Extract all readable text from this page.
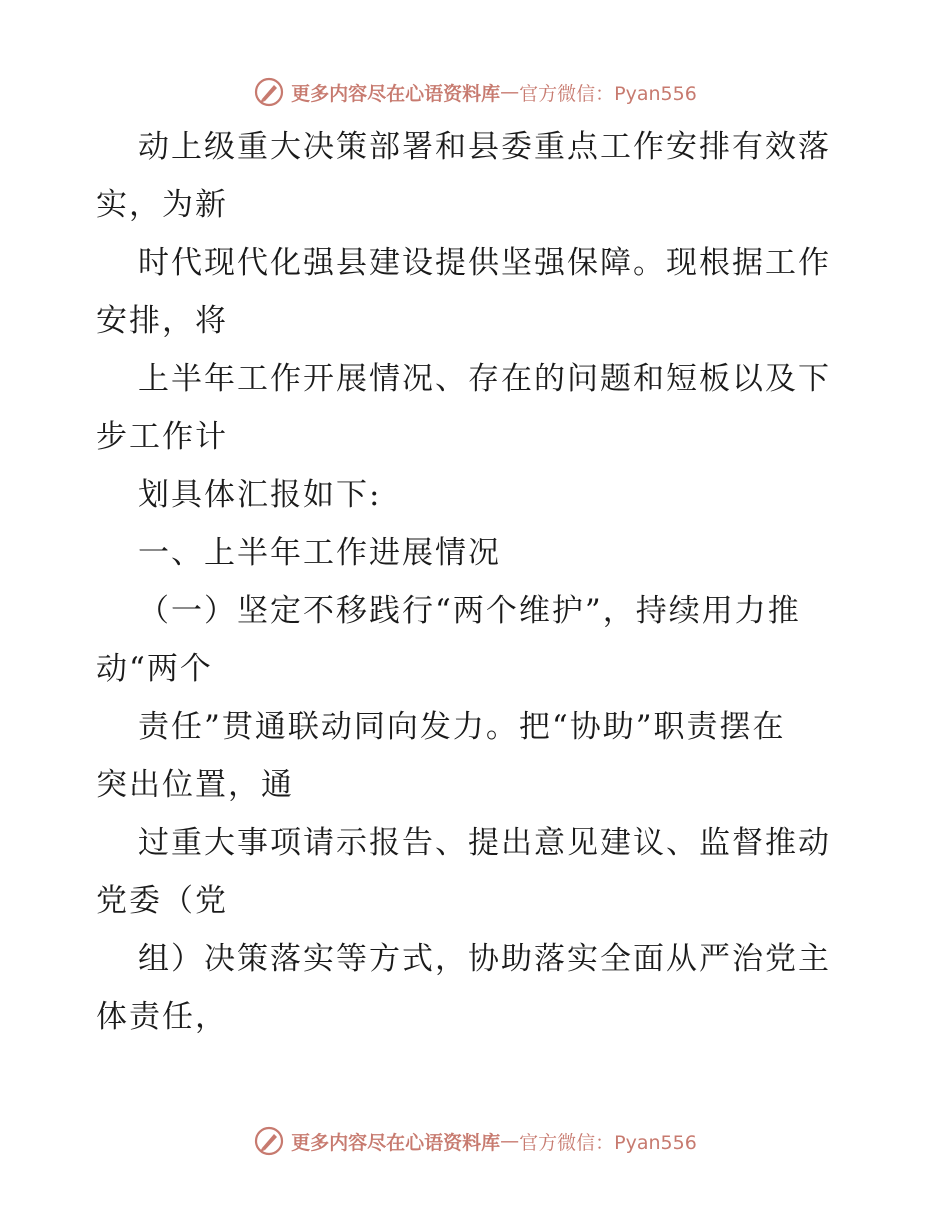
更多内容尽在心语资料库 — 官方微信：Pyan556
动上级重大决策部署和县委重点工作安排有效落
实，为新
时代现代化强县建设提供坚强保障。现根据工作
安排，将
上半年工作开展情况、存在的问题和短板以及下
步工作计
划具体汇报如下:
一、上半年工作进展情况
（一）坚定不移践行“两个维护”，持续用力推
动“两个
责任”贯通联动同向发力。把“协助”职责摆在
突出位置，通
过重大事项请示报告、提出意见建议、监督推动
党委（党
组）决策落实等方式，协助落实全面从严治党主
体责任，
更多内容尽在心语资料库 — 官方微信：Pyan556
